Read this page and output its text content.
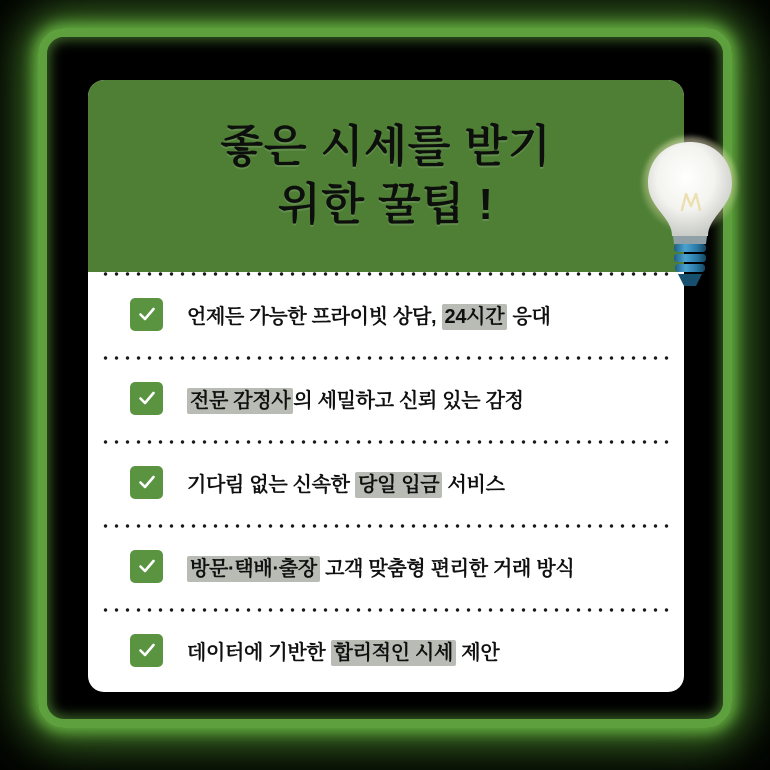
좋은 시세를 받기
위한 꿀팁 !
언제든 가능한 프라이빗 상담, 24시간 응대
전문 감정사 의 세밀하고 신뢰 있는 감정
기다림 없는 신속한 당일 입금 서비스
방문·택배·출장 고객 맞춤형 편리한 거래 방식
데이터에 기반한 합리적인 시세 제안
